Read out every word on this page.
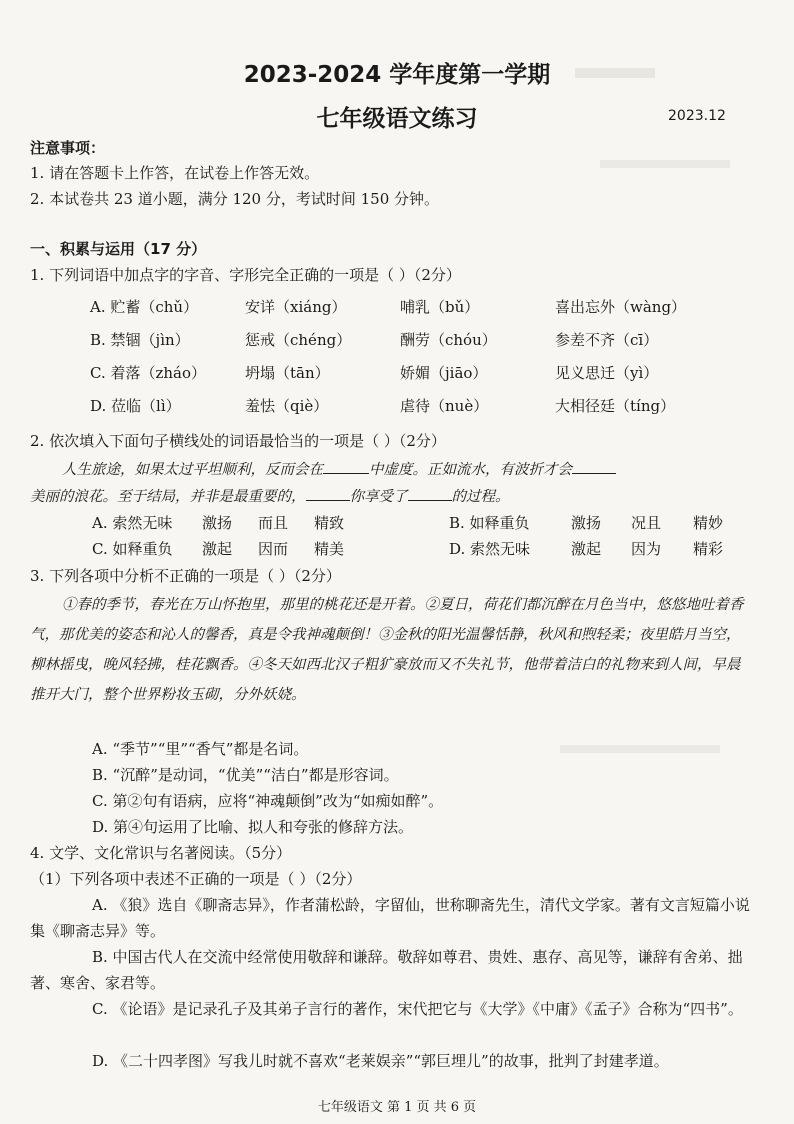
2023-2024 学年度第一学期
七年级语文练习	2023.12
注意事项：
1. 请在答题卡上作答，在试卷上作答无效。
2. 本试卷共 23 道小题，满分 120 分，考试时间 150 分钟。
一、积累与运用（17 分）
1. 下列词语中加点字的字音、字形完全正确的一项是（ ）（2分）
A. 贮蓄（chǔ）	安详（xiáng）	哺乳（bǔ）	喜出忘外（wàng）
B. 禁锢（jìn）	惩戒（chéng）	酬劳（chóu）	参差不齐（cī）
C. 着落（zháo）	坍塌（tān）	娇媚（jiāo）	见义思迁（yì）
D. 莅临（lì）	羞怯（qiè）	虐待（nuè）	大相径廷（tíng）
2. 依次填入下面句子横线处的词语最恰当的一项是（ ）（2分）
人生旅途，如果太过平坦顺利，反而会在	中虚度。正如流水，有波折才会
美丽的浪花。至于结局，并非是最重要的，	你享受了	的过程。
A. 索然无味 激扬 而且 精致	B. 如释重负	激扬 况且 精妙
C. 如释重负 激起 因而 精美	D. 索然无味	激起 因为 精彩
3. 下列各项中分析不正确的一项是（ ）（2分）
①春的季节，春光在万山怀抱里，那里的桃花还是开着。②夏日，荷花们都沉醉在月色当中，悠悠地吐着香气，那优美的姿态和沁人的馨香，真是令我神魂颠倒！③金秋的阳光温馨恬静，秋风和煦轻柔；夜里皓月当空，柳林摇曳，晚风轻拂，桂花飘香。④冬天如西北汉子粗犷豪放而又不失礼节，他带着洁白的礼物来到人间，早晨推开大门，整个世界粉妆玉砌，分外妖娆。
A. “季节”“里”“香气”都是名词。
B. “沉醉”是动词，“优美”“洁白”都是形容词。
C. 第②句有语病，应将“神魂颠倒”改为“如痴如醉”。
D. 第④句运用了比喻、拟人和夸张的修辞方法。
4. 文学、文化常识与名著阅读。（5分）
（1）下列各项中表述不正确的一项是（ ）（2分）
A. 《狼》选自《聊斋志异》，作者蒲松龄，字留仙，世称聊斋先生，清代文学家。著有文言短篇小说集《聊斋志异》等。
B. 中国古代人在交流中经常使用敬辞和谦辞。敬辞如尊君、贵姓、惠存、高见等，谦辞有舍弟、拙著、寒舍、家君等。
C. 《论语》是记录孔子及其弟子言行的著作，宋代把它与《大学》《中庸》《孟子》合称为“四书”。
D. 《二十四孝图》写我儿时就不喜欢“老莱娱亲”“郭巨埋儿”的故事，批判了封建孝道。
七年级语文 第 1 页 共 6 页
